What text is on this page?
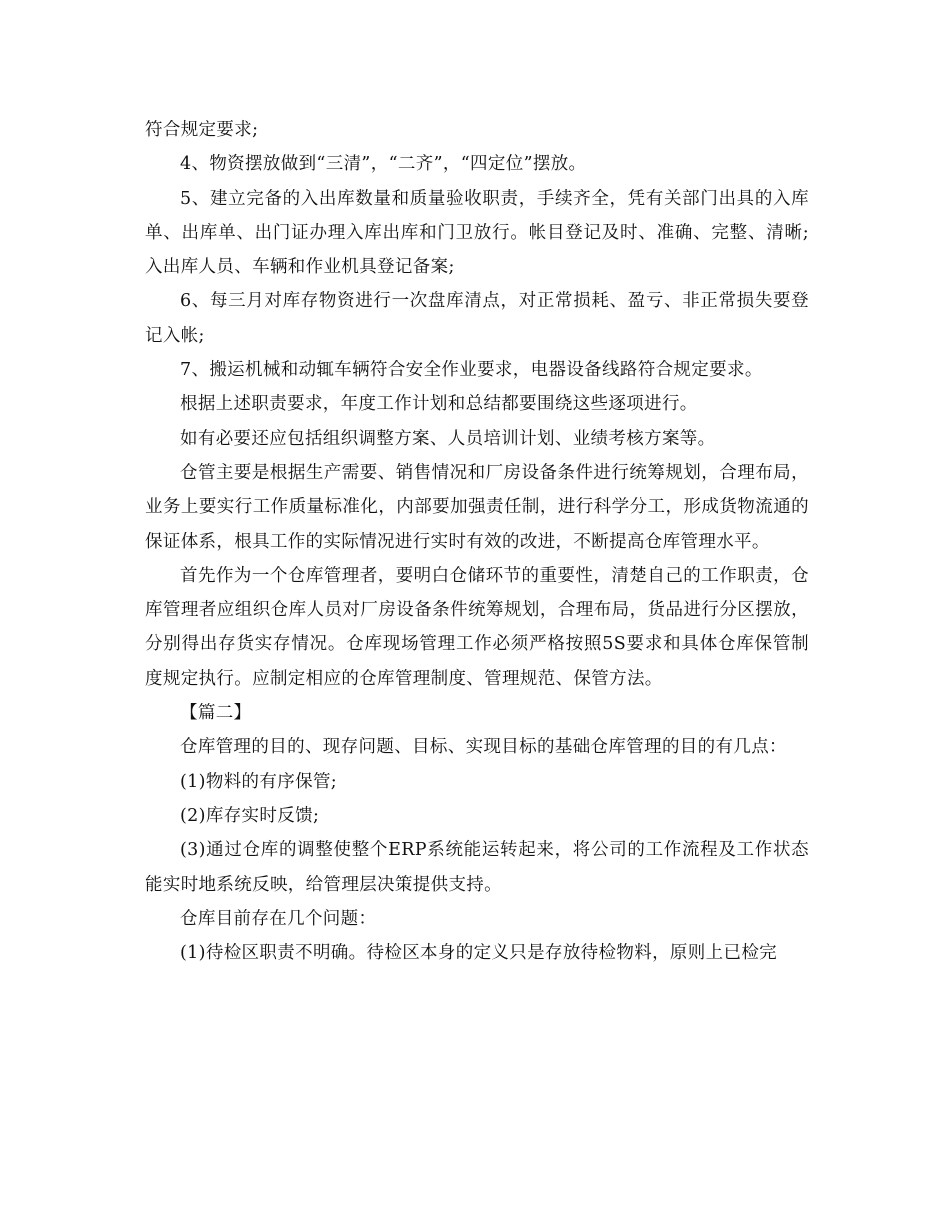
符合规定要求;

4、物资摆放做到“三清”，“二齐”，“四定位”摆放。

5、建立完备的入出库数量和质量验收职责，手续齐全，凭有关部门出具的入库单、出库单、出门证办理入库出库和门卫放行。帐目登记及时、准确、完整、清晰;入出库人员、车辆和作业机具登记备案;

6、每三月对库存物资进行一次盘库清点，对正常损耗、盈亏、非正常损失要登记入帐;

7、搬运机械和动辄车辆符合安全作业要求，电器设备线路符合规定要求。

根据上述职责要求，年度工作计划和总结都要围绕这些逐项进行。

如有必要还应包括组织调整方案、人员培训计划、业绩考核方案等。

仓管主要是根据生产需要、销售情况和厂房设备条件进行统筹规划，合理布局，业务上要实行工作质量标准化，内部要加强责任制，进行科学分工，形成货物流通的保证体系，根具工作的实际情况进行实时有效的改进，不断提高仓库管理水平。

首先作为一个仓库管理者，要明白仓储环节的重要性，清楚自己的工作职责，仓库管理者应组织仓库人员对厂房设备条件统筹规划，合理布局，货品进行分区摆放，分别得出存货实存情况。仓库现场管理工作必须严格按照5S要求和具体仓库保管制度规定执行。应制定相应的仓库管理制度、管理规范、保管方法。

【篇二】

仓库管理的目的、现存问题、目标、实现目标的基础仓库管理的目的有几点：

(1)物料的有序保管;

(2)库存实时反馈;

(3)通过仓库的调整使整个ERP系统能运转起来，将公司的工作流程及工作状态能实时地系统反映，给管理层决策提供支持。

仓库目前存在几个问题：

(1)待检区职责不明确。待检区本身的定义只是存放待检物料，原则上已检完
